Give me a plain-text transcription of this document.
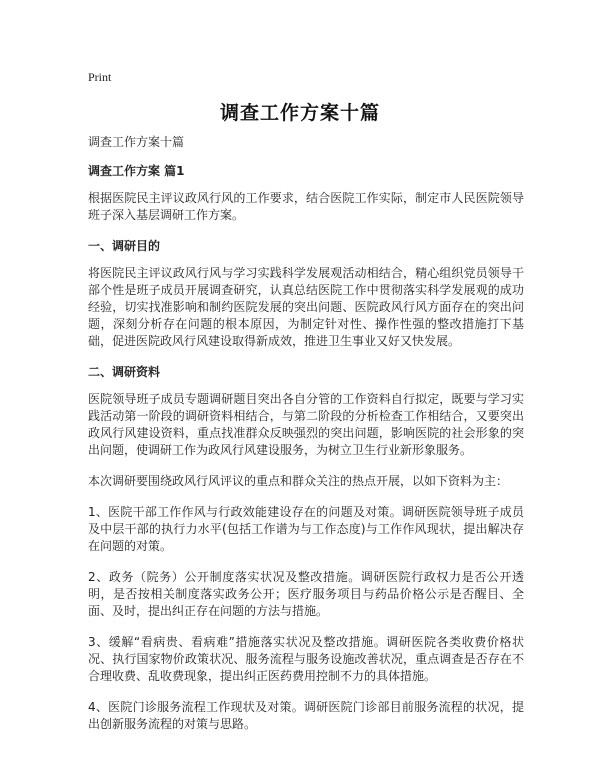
Print
调查工作方案十篇

调查工作方案十篇

调查工作方案 篇1

根据医院民主评议政风行风的工作要求，结合医院工作实际，制定市人民医院领导班子深入基层调研工作方案。

一、调研目的

将医院民主评议政风行风与学习实践科学发展观活动相结合，精心组织党员领导干部个性是班子成员开展调查研究，认真总结医院工作中贯彻落实科学发展观的成功经验，切实找准影响和制约医院发展的突出问题、医院政风行风方面存在的突出问题，深刻分析存在问题的根本原因，为制定针对性、操作性强的整改措施打下基础，促进医院政风行风建设取得新成效，推进卫生事业又好又快发展。

二、调研资料

医院领导班子成员专题调研题目突出各自分管的工作资料自行拟定，既要与学习实践活动第一阶段的调研资料相结合，与第二阶段的分析检查工作相结合，又要突出政风行风建设资料，重点找准群众反映强烈的突出问题，影响医院的社会形象的突出问题，使调研工作为政风行风建设服务，为树立卫生行业新形象服务。

本次调研要围绕政风行风评议的重点和群众关注的热点开展，以如下资料为主：

1、医院干部工作作风与行政效能建设存在的问题及对策。调研医院领导班子成员及中层干部的执行力水平(包括工作谱为与工作态度)与工作作风现状，提出解决存在问题的对策。

2、政务（院务）公开制度落实状况及整改措施。调研医院行政权力是否公开透明，是否按相关制度落实政务公开；医疗服务项目与药品价格公示是否醒目、全面、及时，提出纠正存在问题的方法与措施。

3、缓解“看病贵、看病难”措施落实状况及整改措施。调研医院各类收费价格状况、执行国家物价政策状况、服务流程与服务设施改善状况，重点调查是否存在不合理收费、乱收费现象，提出纠正医药费用控制不力的具体措施。

4、医院门诊服务流程工作现状及对策。调研医院门诊部目前服务流程的状况，提出创新服务流程的对策与思路。
